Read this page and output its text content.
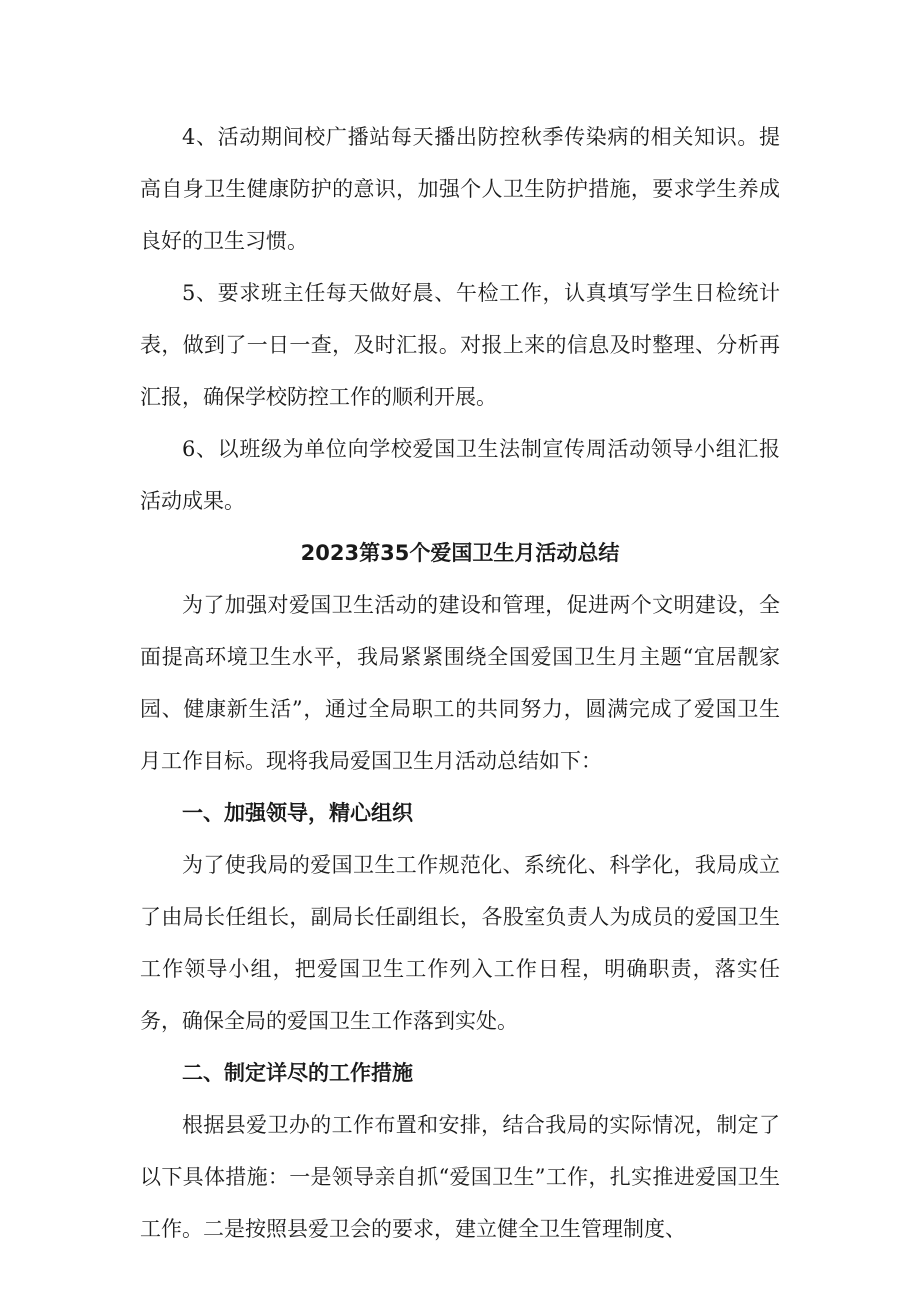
4、活动期间校广播站每天播出防控秋季传染病的相关知识。提高自身卫生健康防护的意识，加强个人卫生防护措施，要求学生养成良好的卫生习惯。

5、要求班主任每天做好晨、午检工作，认真填写学生日检统计表，做到了一日一查，及时汇报。对报上来的信息及时整理、分析再汇报，确保学校防控工作的顺利开展。

6、以班级为单位向学校爱国卫生法制宣传周活动领导小组汇报活动成果。

2023第35个爱国卫生月活动总结

为了加强对爱国卫生活动的建设和管理，促进两个文明建设，全面提高环境卫生水平，我局紧紧围绕全国爱国卫生月主题“宜居靓家园、健康新生活”，通过全局职工的共同努力，圆满完成了爱国卫生月工作目标。现将我局爱国卫生月活动总结如下：

一、加强领导，精心组织

为了使我局的爱国卫生工作规范化、系统化、科学化，我局成立了由局长任组长，副局长任副组长，各股室负责人为成员的爱国卫生工作领导小组，把爱国卫生工作列入工作日程，明确职责，落实任务，确保全局的爱国卫生工作落到实处。

二、制定详尽的工作措施

根据县爱卫办的工作布置和安排，结合我局的实际情况，制定了以下具体措施：一是领导亲自抓“爱国卫生”工作，扎实推进爱国卫生工作。二是按照县爱卫会的要求，建立健全卫生管理制度、
